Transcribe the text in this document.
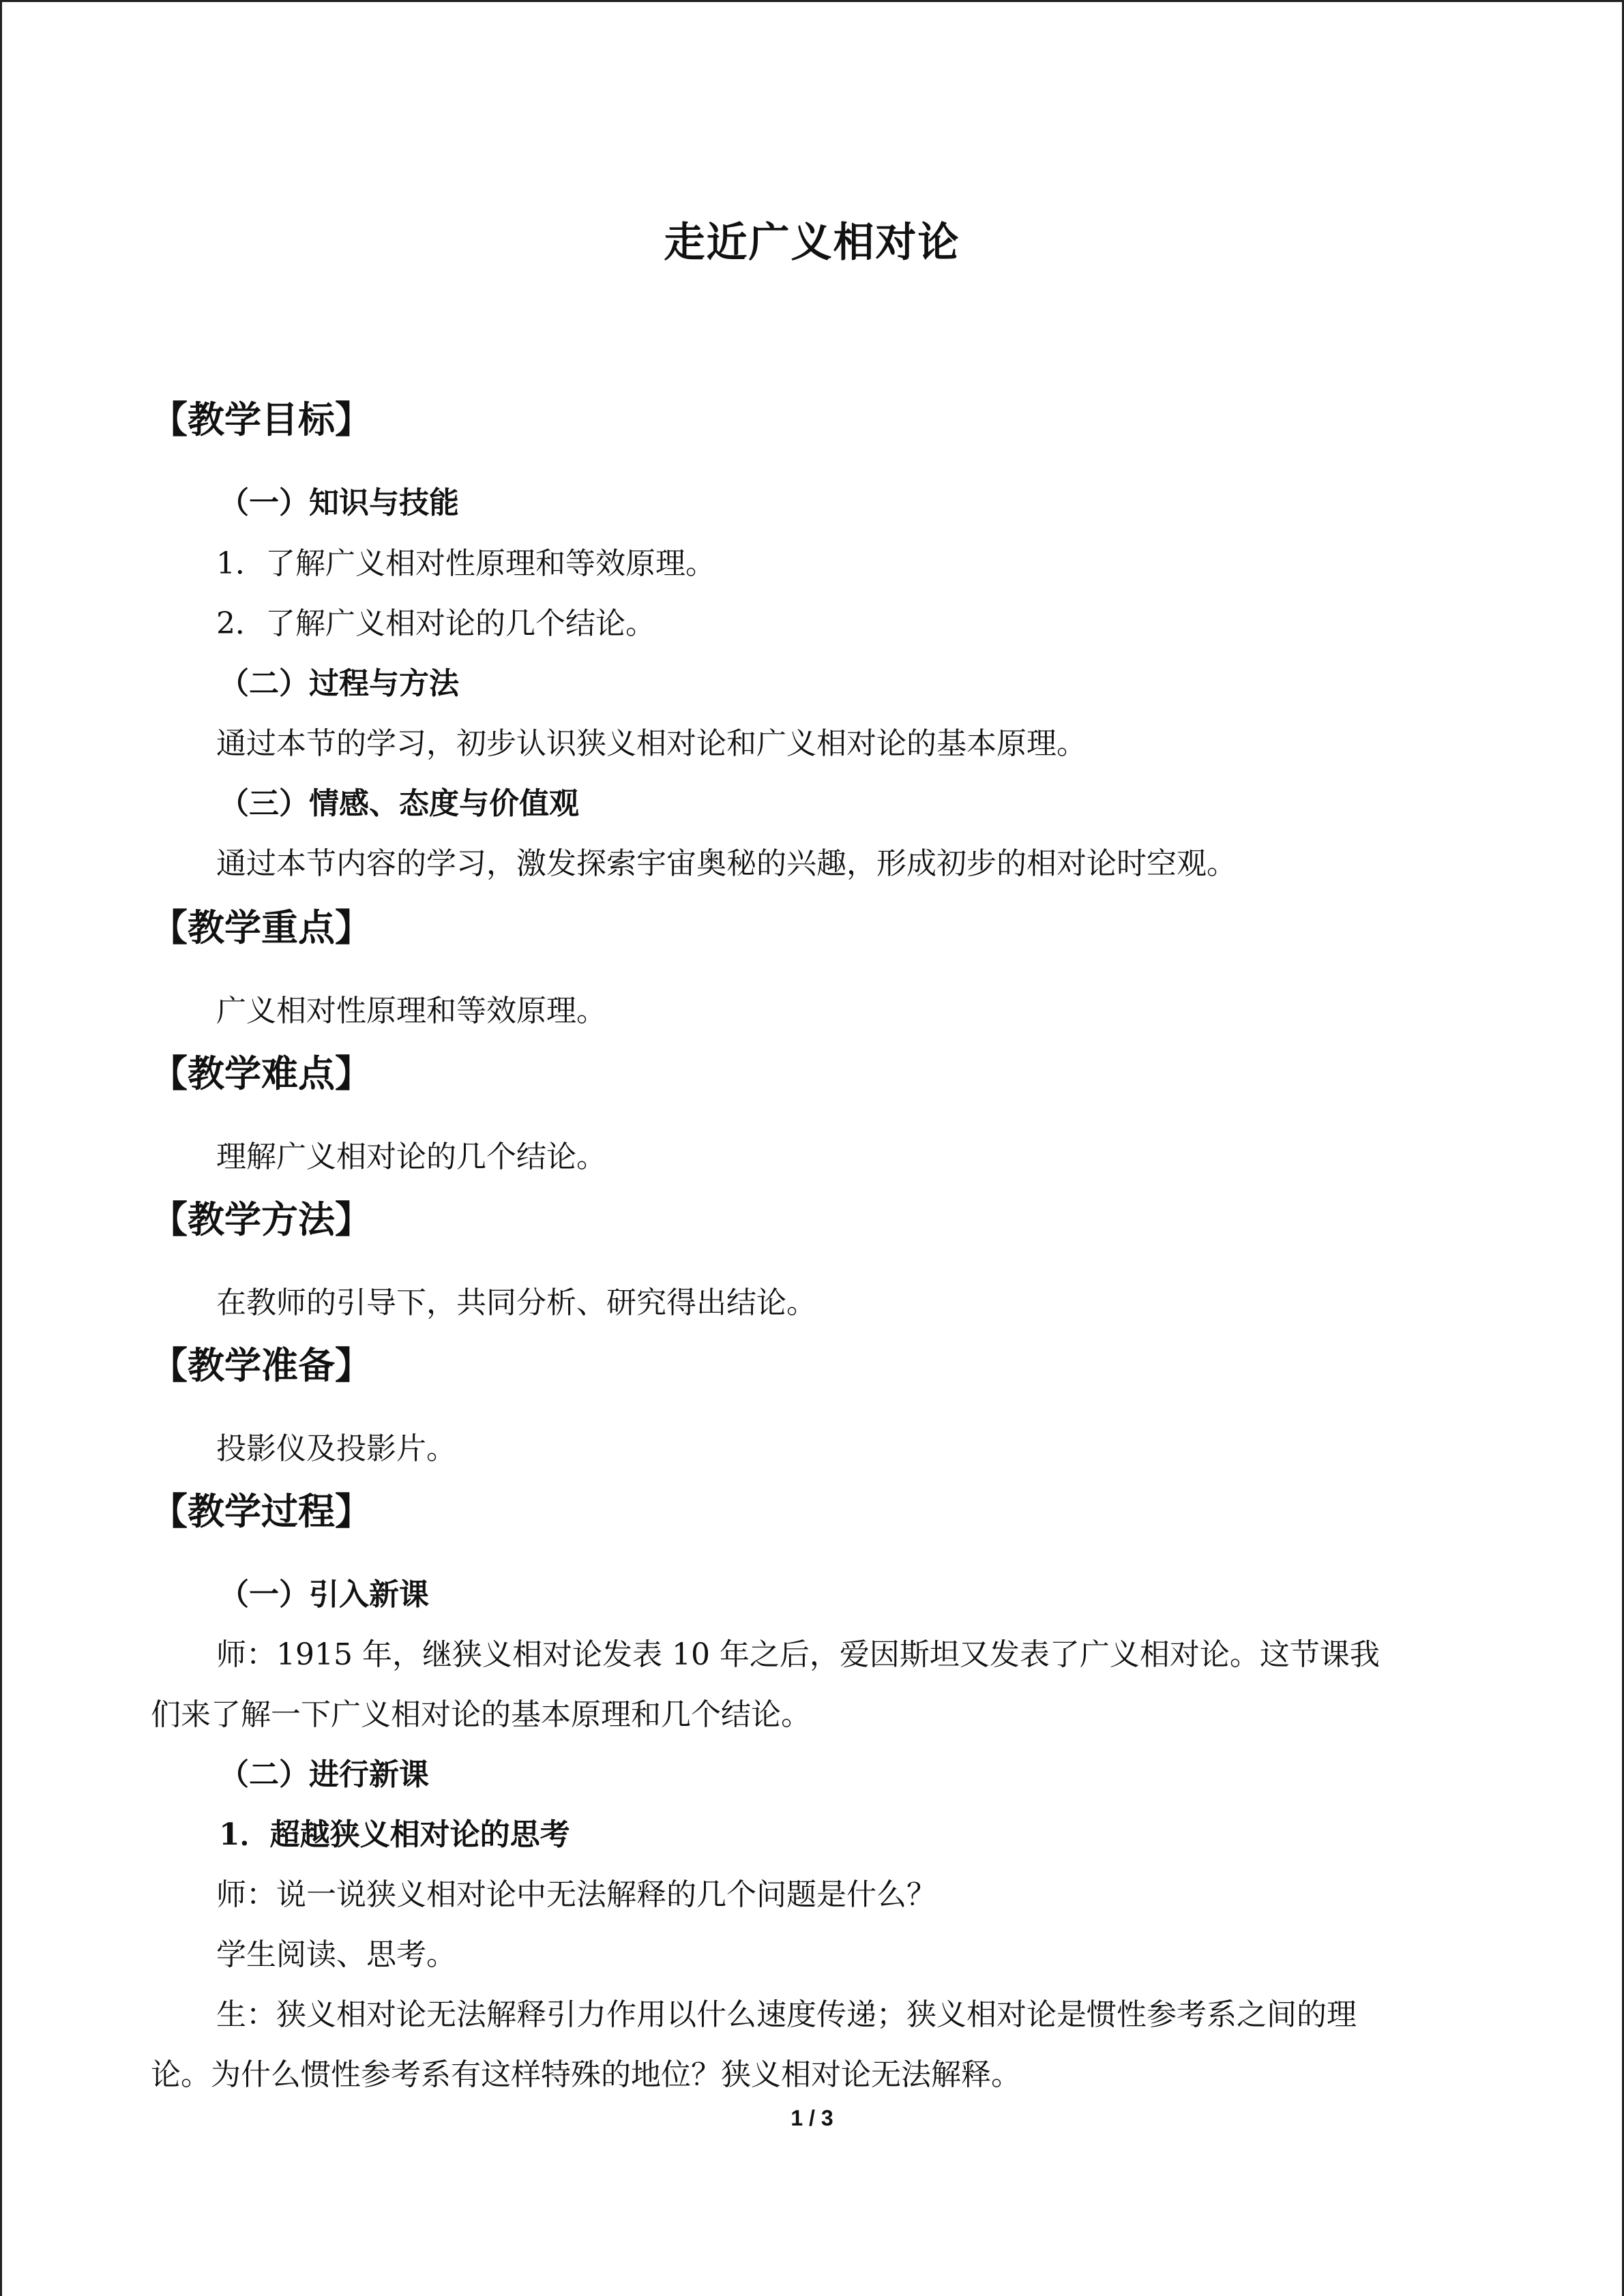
走近广义相对论
【教学目标】
（一）知识与技能
1．了解广义相对性原理和等效原理。
2．了解广义相对论的几个结论。
（二）过程与方法
通过本节的学习，初步认识狭义相对论和广义相对论的基本原理。
（三）情感、态度与价值观
通过本节内容的学习，激发探索宇宙奥秘的兴趣，形成初步的相对论时空观。
【教学重点】
广义相对性原理和等效原理。
【教学难点】
理解广义相对论的几个结论。
【教学方法】
在教师的引导下，共同分析、研究得出结论。
【教学准备】
投影仪及投影片。
【教学过程】
（一）引入新课
师：1915 年，继狭义相对论发表 10 年之后，爱因斯坦又发表了广义相对论。这节课我
们来了解一下广义相对论的基本原理和几个结论。
（二）进行新课
1．超越狭义相对论的思考
师：说一说狭义相对论中无法解释的几个问题是什么？
学生阅读、思考。
生：狭义相对论无法解释引力作用以什么速度传递；狭义相对论是惯性参考系之间的理
论。为什么惯性参考系有这样特殊的地位？狭义相对论无法解释。
1 / 3
